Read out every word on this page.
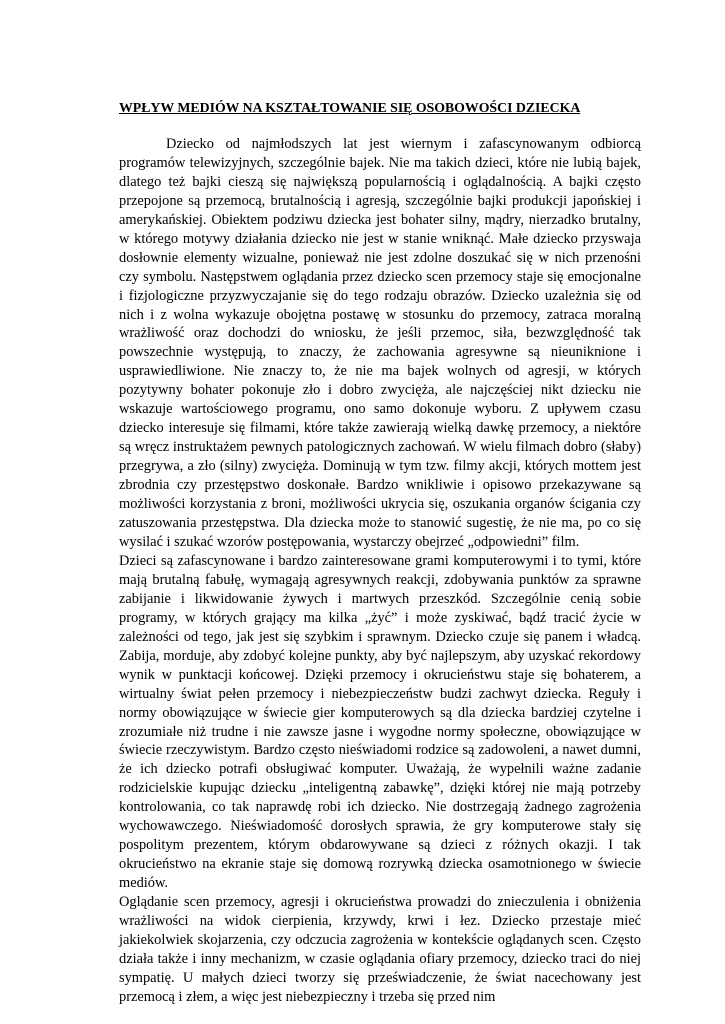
WPŁYW MEDIÓW NA KSZTAŁTOWANIE SIĘ OSOBOWOŚCI DZIECKA

Dziecko od najmłodszych lat jest wiernym i zafascynowanym odbiorcą programów telewizyjnych, szczególnie bajek. Nie ma takich dzieci, które nie lubią bajek, dlatego też bajki cieszą się największą popularnością i oglądalnością. A bajki często przepojone są przemocą, brutalnością i agresją, szczególnie bajki produkcji japońskiej i amerykańskiej. Obiektem podziwu dziecka jest bohater silny, mądry, nierzadko brutalny, w którego motywy działania dziecko nie jest w stanie wniknąć. Małe dziecko przyswaja dosłownie elementy wizualne, ponieważ nie jest zdolne doszukać się w nich przenośni czy symbolu. Następstwem oglądania przez dziecko scen przemocy staje się emocjonalne i fizjologiczne przyzwyczajanie się do tego rodzaju obrazów. Dziecko uzależnia się od nich i z wolna wykazuje obojętna postawę w stosunku do przemocy, zatraca moralną wrażliwość oraz dochodzi do wniosku, że jeśli przemoc, siła, bezwzględność tak powszechnie występują, to znaczy, że zachowania agresywne są nieuniknione i usprawiedliwione. Nie znaczy to, że nie ma bajek wolnych od agresji, w których pozytywny bohater pokonuje zło i dobro zwycięża, ale najczęściej nikt dziecku nie wskazuje wartościowego programu, ono samo dokonuje wyboru. Z upływem czasu dziecko interesuje się filmami, które także zawierają wielką dawkę przemocy, a niektóre są wręcz instruktażem pewnych patologicznych zachowań. W wielu filmach dobro (słaby) przegrywa, a zło (silny) zwycięża. Dominują w tym tzw. filmy akcji, których mottem jest zbrodnia czy przestępstwo doskonałe. Bardzo wnikliwie i opisowo przekazywane są możliwości korzystania z broni, możliwości ukrycia się, oszukania organów ścigania czy zatuszowania przestępstwa. Dla dziecka może to stanowić sugestię, że nie ma, po co się wysilać i szukać wzorów postępowania, wystarczy obejrzeć „odpowiedni” film.

Dzieci są zafascynowane i bardzo zainteresowane grami komputerowymi i to tymi, które mają brutalną fabułę, wymagają agresywnych reakcji, zdobywania punktów za sprawne zabijanie i likwidowanie żywych i martwych przeszkód. Szczególnie cenią sobie programy, w których grający ma kilka „żyć” i może zyskiwać, bądź tracić życie w zależności od tego, jak jest się szybkim i sprawnym. Dziecko czuje się panem i władcą. Zabija, morduje, aby zdobyć kolejne punkty, aby być najlepszym, aby uzyskać rekordowy wynik w punktacji końcowej. Dzięki przemocy i okrucieństwu staje się bohaterem, a wirtualny świat pełen przemocy i niebezpieczeństw budzi zachwyt dziecka. Reguły i normy obowiązujące w świecie gier komputerowych są dla dziecka bardziej czytelne i zrozumiałe niż trudne i nie zawsze jasne i wygodne normy społeczne, obowiązujące w świecie rzeczywistym. Bardzo często nieświadomi rodzice są zadowoleni, a nawet dumni, że ich dziecko potrafi obsługiwać komputer. Uważają, że wypełnili ważne zadanie rodzicielskie kupując dziecku „inteligentną zabawkę”, dzięki której nie mają potrzeby kontrolowania, co tak naprawdę robi ich dziecko. Nie dostrzegają żadnego zagrożenia wychowawczego. Nieświadomość dorosłych sprawia, że gry komputerowe stały się pospolitym prezentem, którym obdarowywane są dzieci z różnych okazji. I tak okrucieństwo na ekranie staje się domową rozrywką dziecka osamotnionego w świecie mediów.

Oglądanie scen przemocy, agresji i okrucieństwa prowadzi do znieczulenia i obniżenia wrażliwości na widok cierpienia, krzywdy, krwi i łez. Dziecko przestaje mieć jakiekolwiek skojarzenia, czy odczucia zagrożenia w kontekście oglądanych scen. Często działa także i inny mechanizm, w czasie oglądania ofiary przemocy, dziecko traci do niej sympatię. U małych dzieci tworzy się przeświadczenie, że świat nacechowany jest przemocą i złem, a więc jest niebezpieczny i trzeba się przed nim
